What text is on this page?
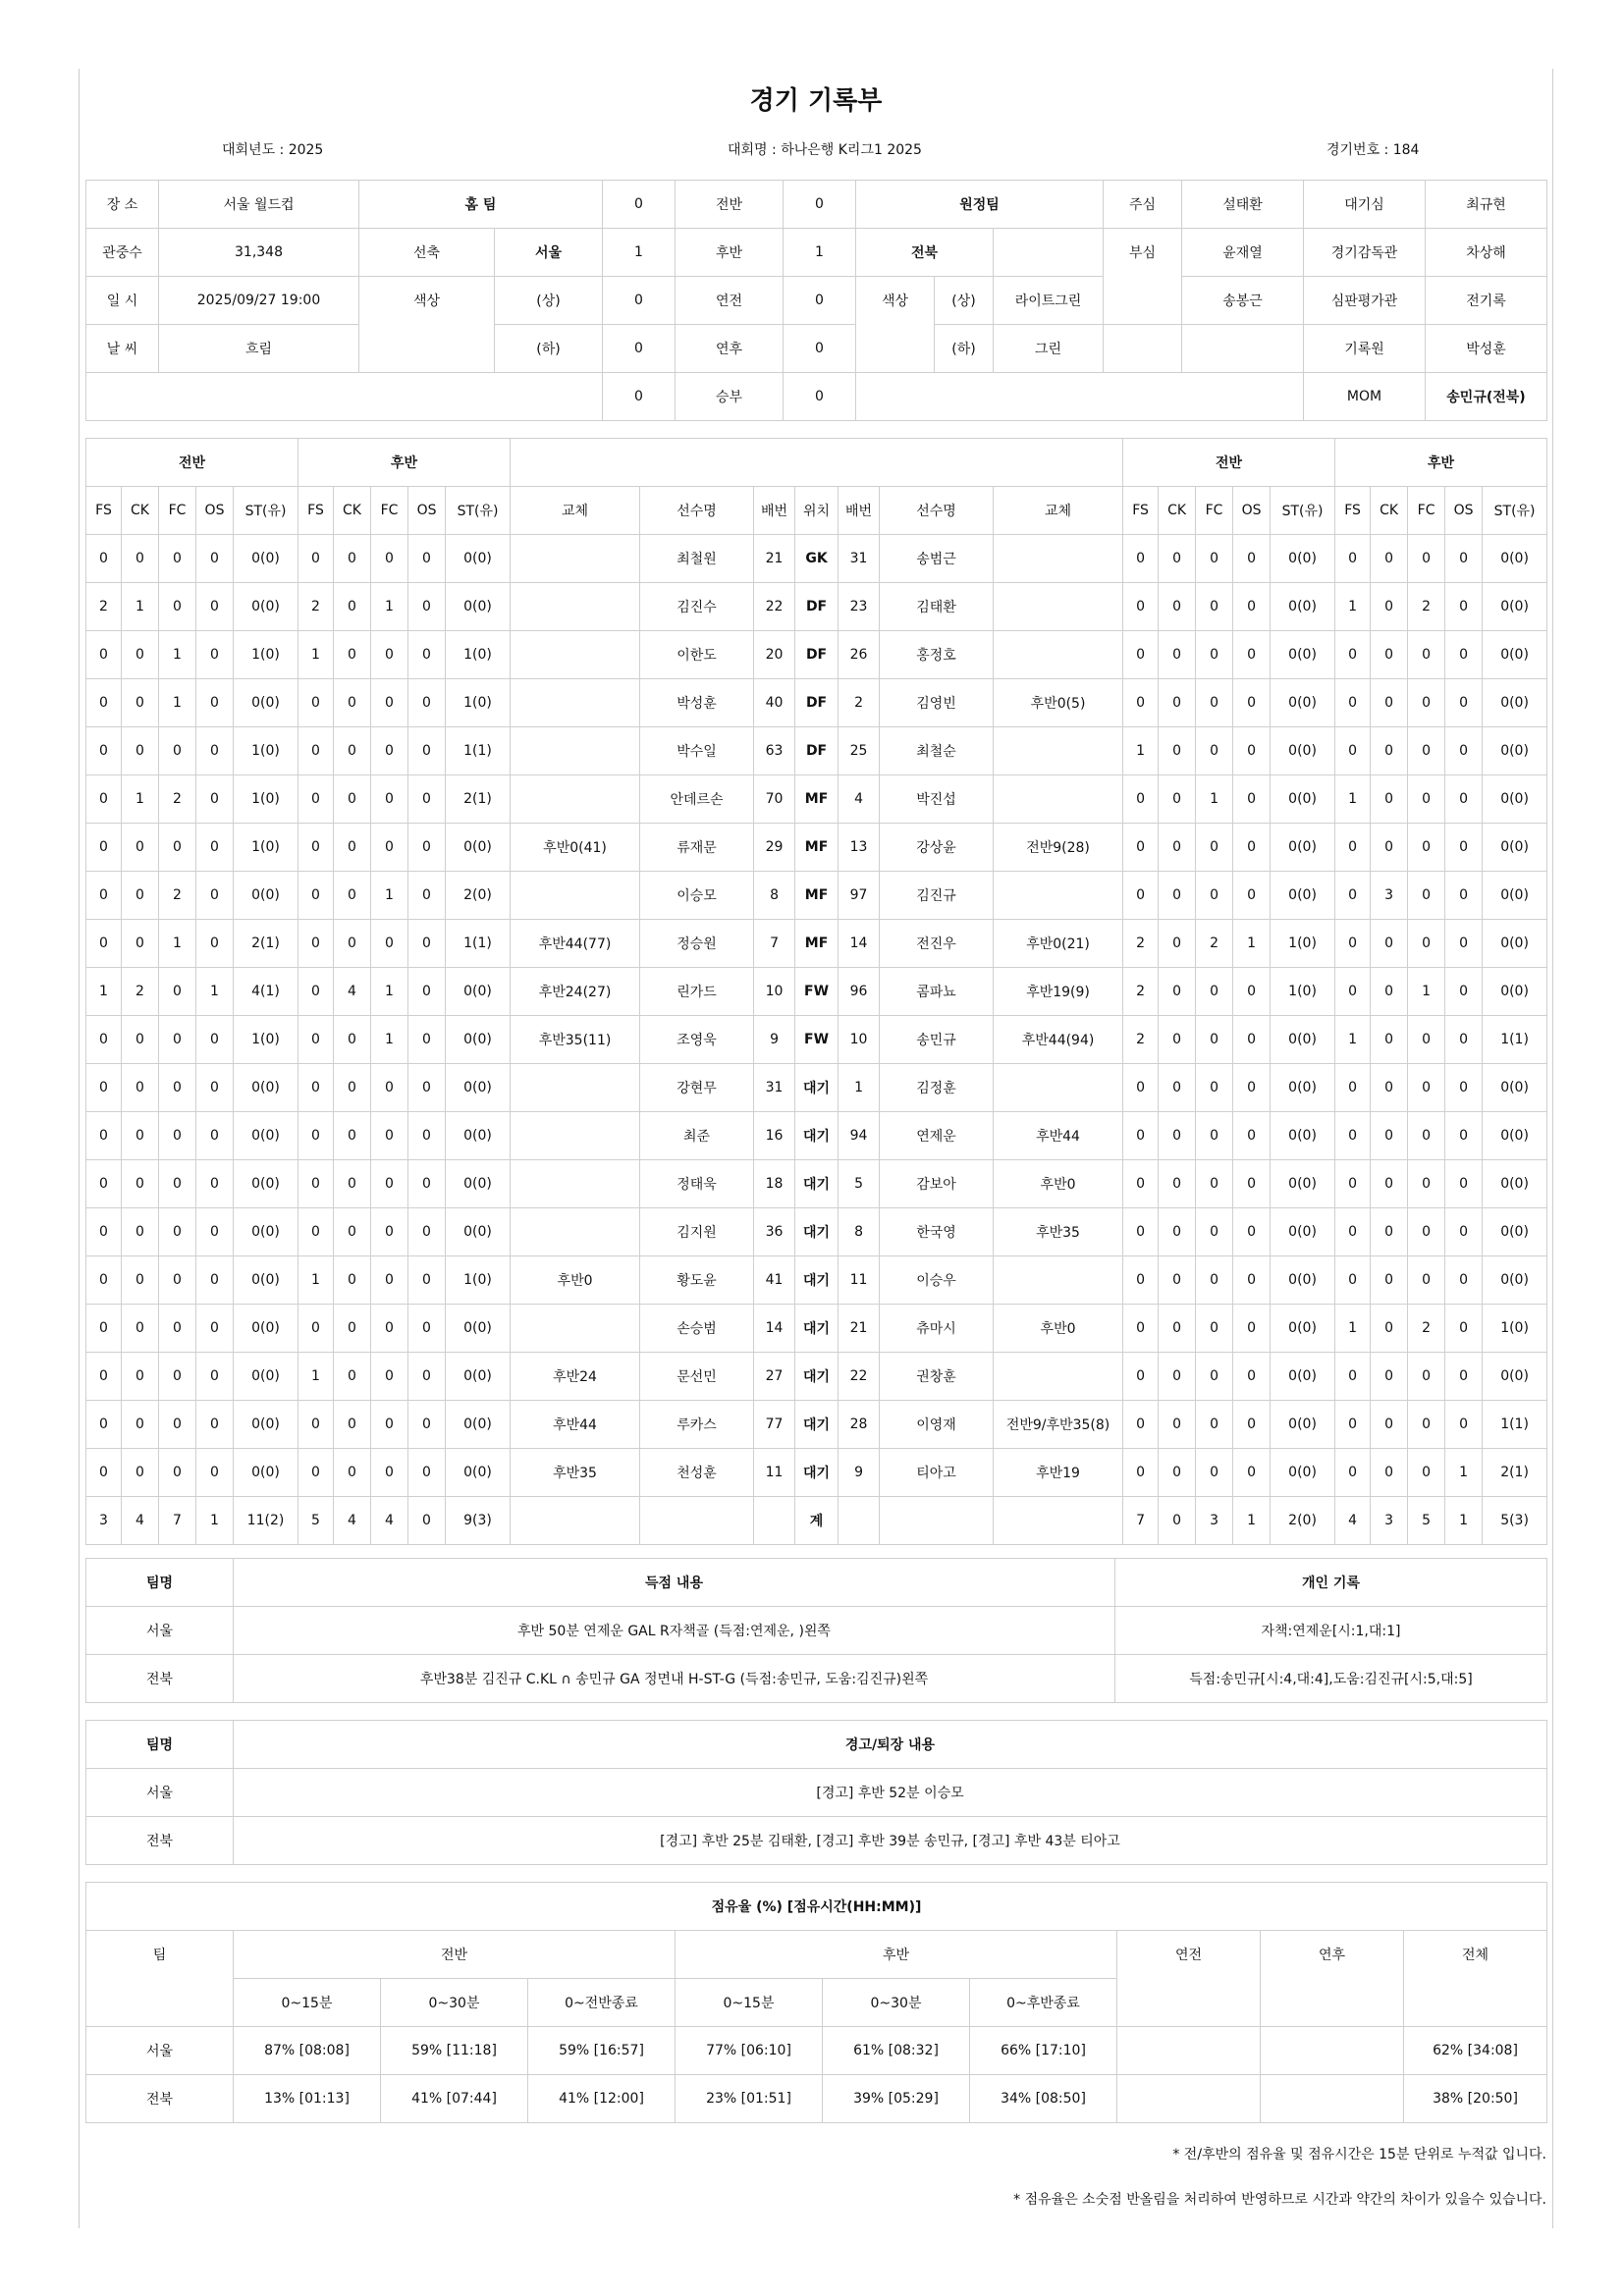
경기 기록부
대회년도 : 2025	대회명 : 하나은행 K리그1 2025	경기번호 : 184
장 소	서울 월드컵	홈 팀		0	전반	0	원정팀			주심	설태환	대기심	최규현
관중수	31,348	선축	서울	1	후반	1	전북			부심	윤재열	경기감독관	차상해
일 시	2025/09/27 19:00	색상	(상)	0	연전	0	색상	(상)	라이트그린		송봉근	심판평가관	전기록
날 씨	흐림		(하)	0	연후	0		(하)	그린			기록원	박성훈
				0	승부	0						MOM	송민규(전북)
전반					후반												전반					후반				
FS	CK	FC	OS	ST(유)	FS	CK	FC	OS	ST(유)	교체	선수명	배번	위치	배번	선수명	교체	FS	CK	FC	OS	ST(유)	FS	CK	FC	OS	ST(유)
0	0	0	0	0(0)	0	0	0	0	0(0)		최철원	21	GK	31	송범근		0	0	0	0	0(0)	0	0	0	0	0(0)
2	1	0	0	0(0)	2	0	1	0	0(0)		김진수	22	DF	23	김태환		0	0	0	0	0(0)	1	0	2	0	0(0)
0	0	1	0	1(0)	1	0	0	0	1(0)		이한도	20	DF	26	홍정호		0	0	0	0	0(0)	0	0	0	0	0(0)
0	0	1	0	0(0)	0	0	0	0	1(0)		박성훈	40	DF	2	김영빈	후반0(5)	0	0	0	0	0(0)	0	0	0	0	0(0)
0	0	0	0	1(0)	0	0	0	0	1(1)		박수일	63	DF	25	최철순		1	0	0	0	0(0)	0	0	0	0	0(0)
0	1	2	0	1(0)	0	0	0	0	2(1)		안데르손	70	MF	4	박진섭		0	0	1	0	0(0)	1	0	0	0	0(0)
0	0	0	0	1(0)	0	0	0	0	0(0)	후반0(41)	류재문	29	MF	13	강상윤	전반9(28)	0	0	0	0	0(0)	0	0	0	0	0(0)
0	0	2	0	0(0)	0	0	1	0	2(0)		이승모	8	MF	97	김진규		0	0	0	0	0(0)	0	3	0	0	0(0)
0	0	1	0	2(1)	0	0	0	0	1(1)	후반44(77)	정승원	7	MF	14	전진우	후반0(21)	2	0	2	1	1(0)	0	0	0	0	0(0)
1	2	0	1	4(1)	0	4	1	0	0(0)	후반24(27)	린가드	10	FW	96	콤파뇨	후반19(9)	2	0	0	0	1(0)	0	0	1	0	0(0)
0	0	0	0	1(0)	0	0	1	0	0(0)	후반35(11)	조영욱	9	FW	10	송민규	후반44(94)	2	0	0	0	0(0)	1	0	0	0	1(1)
0	0	0	0	0(0)	0	0	0	0	0(0)		강현무	31	대기	1	김정훈		0	0	0	0	0(0)	0	0	0	0	0(0)
0	0	0	0	0(0)	0	0	0	0	0(0)		최준	16	대기	94	연제운	후반44	0	0	0	0	0(0)	0	0	0	0	0(0)
0	0	0	0	0(0)	0	0	0	0	0(0)		정태욱	18	대기	5	감보아	후반0	0	0	0	0	0(0)	0	0	0	0	0(0)
0	0	0	0	0(0)	0	0	0	0	0(0)		김지원	36	대기	8	한국영	후반35	0	0	0	0	0(0)	0	0	0	0	0(0)
0	0	0	0	0(0)	1	0	0	0	1(0)	후반0	황도윤	41	대기	11	이승우		0	0	0	0	0(0)	0	0	0	0	0(0)
0	0	0	0	0(0)	0	0	0	0	0(0)		손승범	14	대기	21	츄마시	후반0	0	0	0	0	0(0)	1	0	2	0	1(0)
0	0	0	0	0(0)	1	0	0	0	0(0)	후반24	문선민	27	대기	22	권창훈		0	0	0	0	0(0)	0	0	0	0	0(0)
0	0	0	0	0(0)	0	0	0	0	0(0)	후반44	루카스	77	대기	28	이영재	전반9/후반35(8)	0	0	0	0	0(0)	0	0	0	0	1(1)
0	0	0	0	0(0)	0	0	0	0	0(0)	후반35	천성훈	11	대기	9	티아고	후반19	0	0	0	0	0(0)	0	0	0	1	2(1)
3	4	7	1	11(2)	5	4	4	0	9(3)				계				7	0	3	1	2(0)	4	3	5	1	5(3)
팀명	득점 내용	개인 기록
서울	후반 50분 연제운 GAL R자책골 (득점:연제운, )왼쪽	자책:연제운[시:1,대:1]
전북	후반38분 김진규 C.KL ∩ 송민규 GA 정면내 H-ST-G (득점:송민규, 도움:김진규)왼쪽	득점:송민규[시:4,대:4],도움:김진규[시:5,대:5]
팀명	경고/퇴장 내용
서울	[경고] 후반 52분 이승모
전북	[경고] 후반 25분 김태환, [경고] 후반 39분 송민규, [경고] 후반 43분 티아고
점유율 (%) [점유시간(HH:MM)]									
팀	전반			후반			연전	연후	전체
	0~15분	0~30분	0~전반종료	0~15분	0~30분	0~후반종료			
서울	87% [08:08]	59% [11:18]	59% [16:57]	77% [06:10]	61% [08:32]	66% [17:10]			62% [34:08]
전북	13% [01:13]	41% [07:44]	41% [12:00]	23% [01:51]	39% [05:29]	34% [08:50]			38% [20:50]
* 전/후반의 점유율 및 점유시간은 15분 단위로 누적값 입니다.
* 점유율은 소숫점 반올림을 처리하여 반영하므로 시간과 약간의 차이가 있을수 있습니다.
